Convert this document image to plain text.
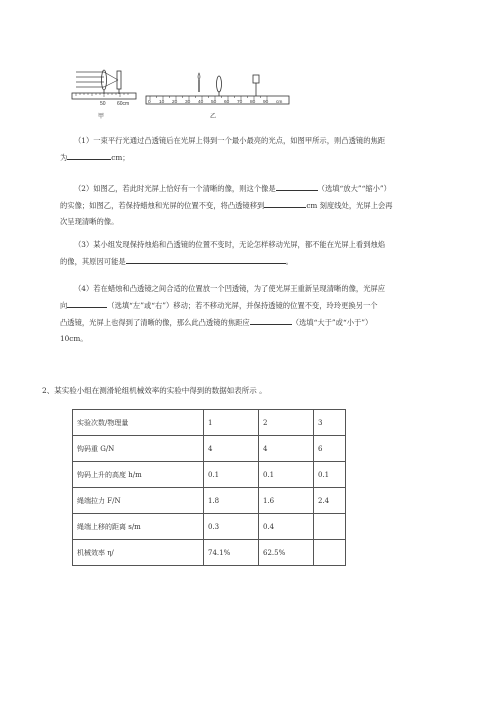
50 60cm
甲
0 10 20 30 40 50 60 70 80 90 cm
乙

（1）一束平行光通过凸透镜后在光屏上得到一个最小最亮的光点，如图甲所示，则凸透镜的焦距

为	cm；

（2）如图乙，若此时光屏上恰好有一个清晰的像，则这个像是	（选填“放大”“缩小”）

的实像；如图乙，若保持蜡烛和光屏的位置不变，将凸透镜移到	cm 刻度线处，光屏上会再

次呈现清晰的像。

（3）某小组发现保持烛焰和凸透镜的位置不变时，无论怎样移动光屏，都不能在光屏上看到烛焰

的像，其原因可能是	。

（4）若在蜡烛和凸透镜之间合适的位置放一个凹透镜，为了使光屏王重新呈现清晰的像，光屏应

向	（选填“左”或“右”）移动；若不移动光屏，并保持透镜的位置不变，玲玲更换另一个

凸透镜，光屏上也得到了清晰的像，那么此凸透镜的焦距应	（选填“大于”或“小于”）

10cm。

2、某实验小组在测滑轮组机械效率的实验中得到的数据如表所示 。
实验次数/物理量	1	2	3
钩码重 G/N	4	4	6
钩码上升的高度 h/m	0.1	0.1	0.1
绳端拉力 F/N	1.8	1.6	2.4
绳端上移的距离 s/m	0.3	0.4	
机械效率 η/	74.1%	62.5%	
